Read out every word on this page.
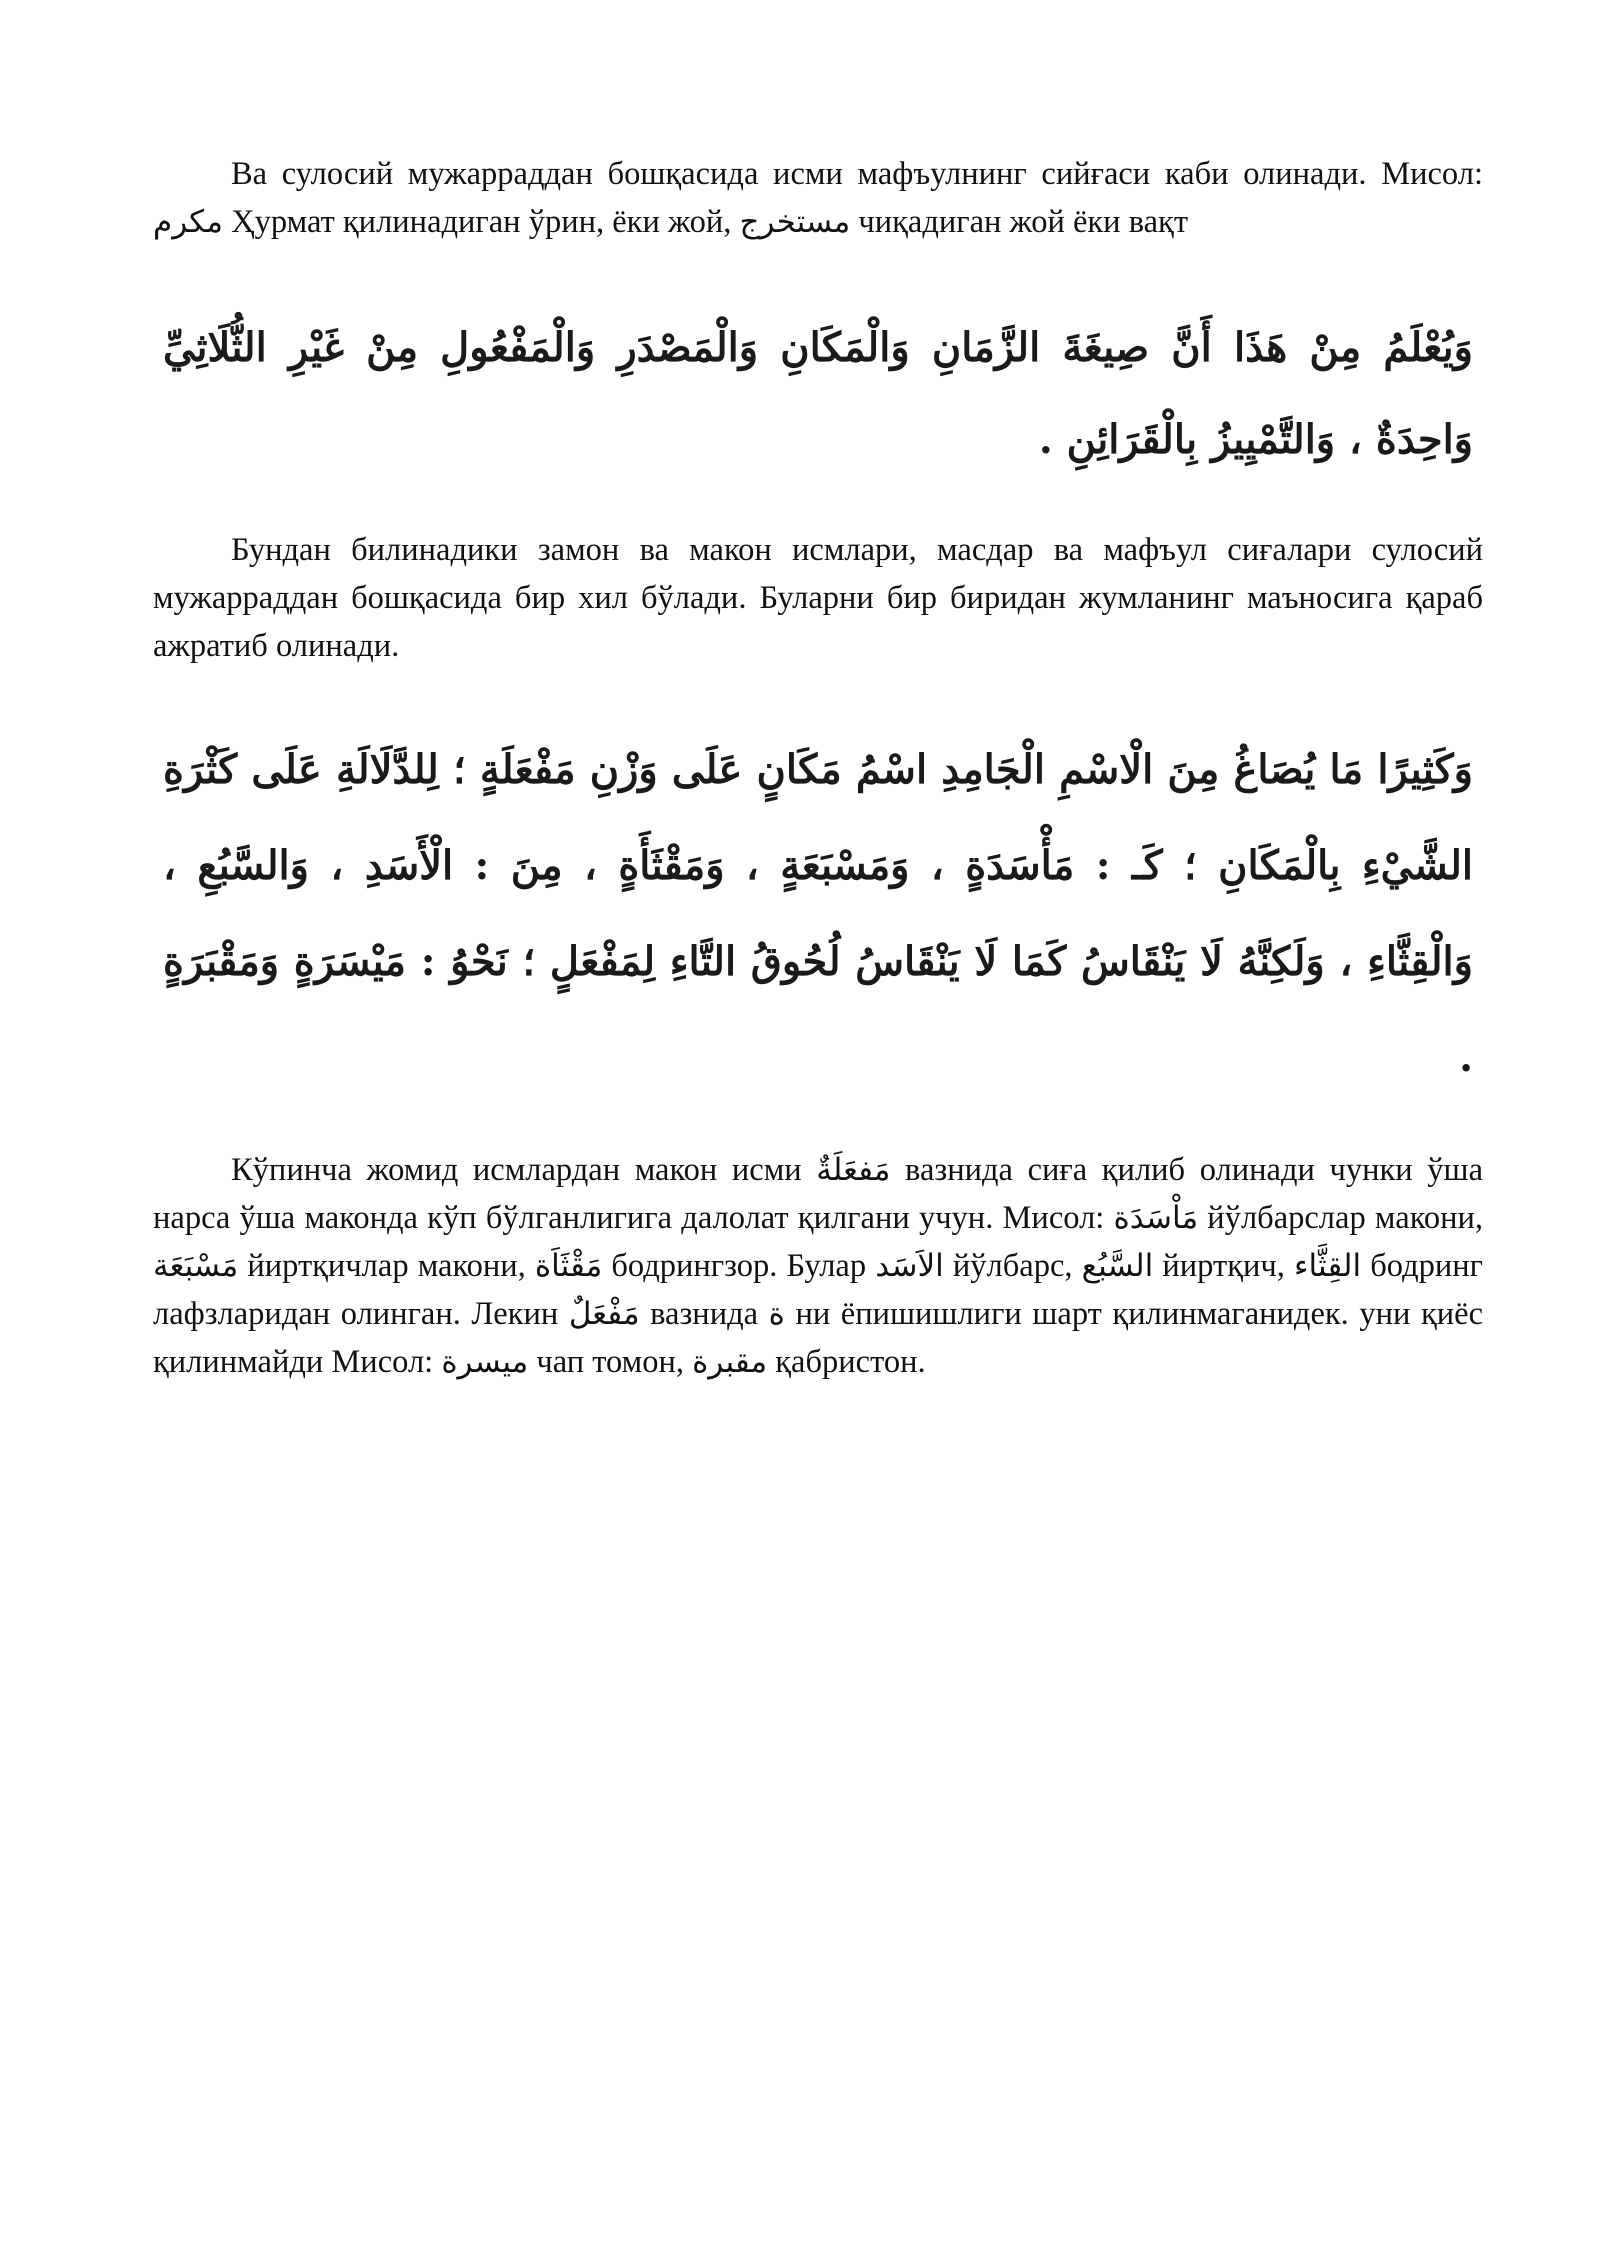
Ва сулосий мужарраддан бошқасида исми мафъулнинг сийғаси каби олинади. Мисол: مكرم Ҳурмат қилинадиган ўрин, ёки жой, مستخرج чиқадиган жой ёки вақт

وَيُعْلَمُ مِنْ هَذَا أَنَّ صِيغَةَ الزَّمَانِ وَالْمَكَانِ وَالْمَصْدَرِ وَالْمَفْعُولِ مِنْ غَيْرِ الثُّلَاثِيِّ وَاحِدَةٌ ، وَالتَّمْيِيزُ بِالْقَرَائِنِ .

Бундан билинадики замон ва макон исмлари, масдар ва мафъул сиғалари сулосий мужарраддан бошқасида бир хил бўлади. Буларни бир биридан жумланинг маъносига қараб ажратиб олинади.

وَكَثِيرًا مَا يُصَاغُ مِنَ الْاسْمِ الْجَامِدِ اسْمُ مَكَانٍ عَلَى وَزْنِ مَفْعَلَةٍ ؛ لِلدَّلَالَةِ عَلَى كَثْرَةِ الشَّيْءِ بِالْمَكَانِ ؛ كَـ : مَأْسَدَةٍ ، وَمَسْبَعَةٍ ، وَمَقْثَأَةٍ ، مِنَ : الْأَسَدِ ، وَالسَّبُعِ ، وَالْقِثَّاءِ ، وَلَكِنَّهُ لَا يَنْقَاسُ كَمَا لَا يَنْقَاسُ لُحُوقُ التَّاءِ لِمَفْعَلٍ ؛ نَحْوُ : مَيْسَرَةٍ وَمَقْبَرَةٍ .

Кўпинча жомид исмлардан макон исми مَفعَلَةٌ вазнида сиға қилиб олинади чунки ўша нарса ўша маконда кўп бўлганлигига далолат қилгани учун. Мисол: مَاْسَدَة йўлбарслар макони, مَسْبَعَة йиртқичлар макони, مَقْثَاَة бодрингзор. Булар الاَسَد йўлбарс, السَّبُع йиртқич, القِثَّاء бодринг лафзларидан олинган. Лекин مَفْعَلٌ вазнида ة ни ёпишишлиги шарт қилинмаганидек. уни қиёс қилинмайди Мисол: ميسرة чап томон, مقبرة қабристон.
